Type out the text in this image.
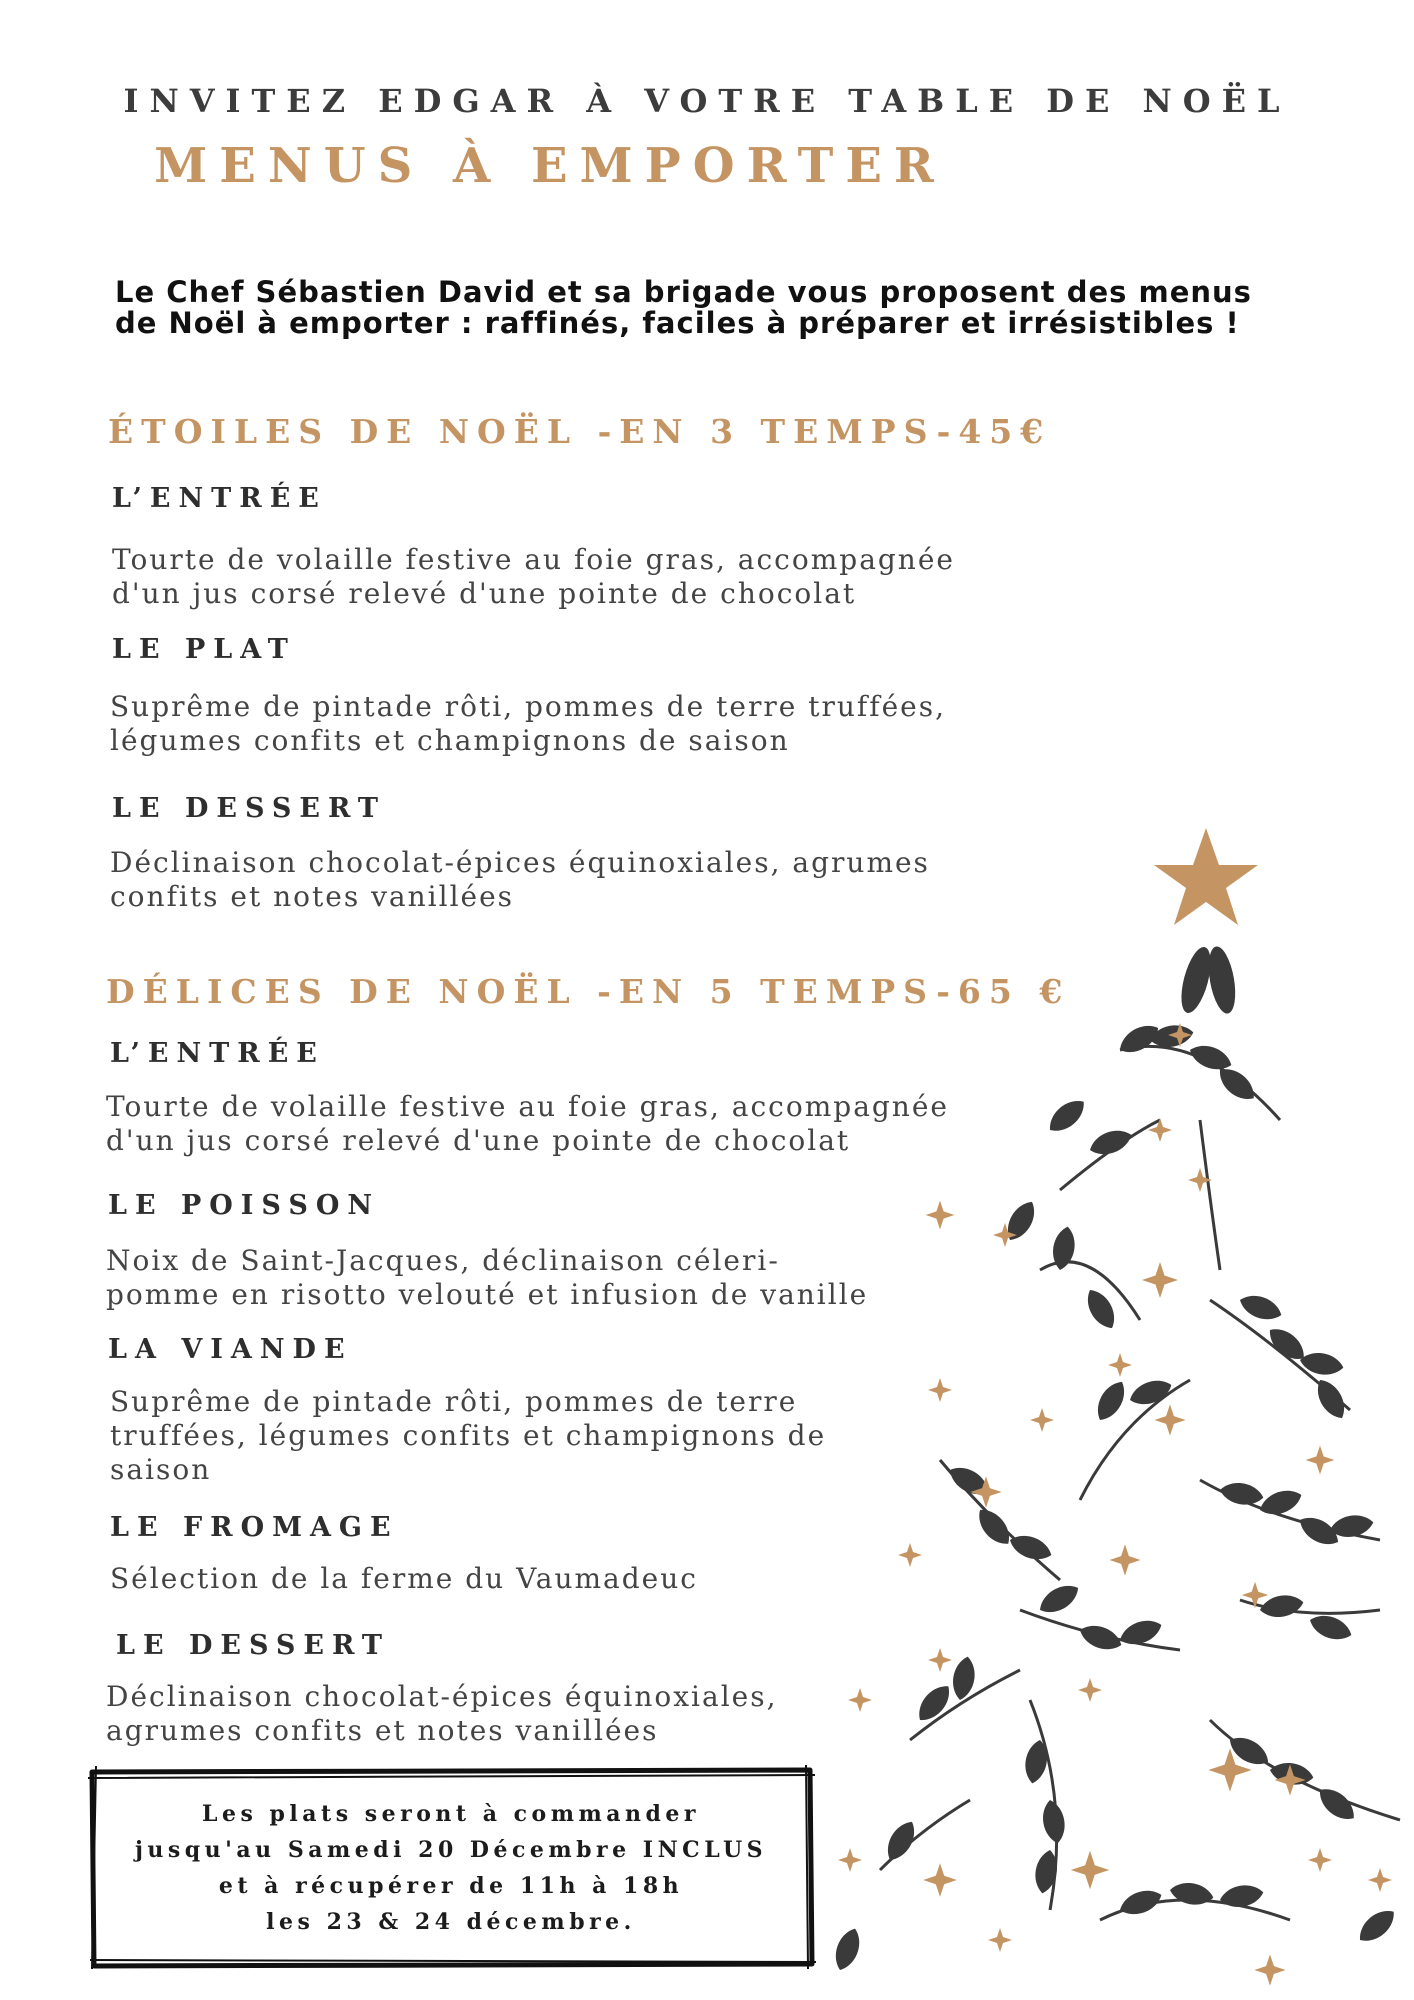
INVITEZ EDGAR À VOTRE TABLE DE NOËL
MENUS À EMPORTER
Le Chef Sébastien David et sa brigade vous proposent des menus
de Noël à emporter : raffinés, faciles à préparer et irrésistibles !
ÉTOILES DE NOËL -EN 3 TEMPS-45€
L’ENTRÉE
Tourte de volaille festive au foie gras, accompagnée
d'un jus corsé relevé d'une pointe de chocolat
LE PLAT
Suprême de pintade rôti, pommes de terre truffées,
légumes confits et champignons de saison
LE DESSERT
Déclinaison chocolat-épices équinoxiales, agrumes
confits et notes vanillées
DÉLICES DE NOËL -EN 5 TEMPS-65 €
L’ENTRÉE
Tourte de volaille festive au foie gras, accompagnée
d'un jus corsé relevé d'une pointe de chocolat
LE POISSON
Noix de Saint-Jacques, déclinaison céleri-
pomme en risotto velouté et infusion de vanille
LA VIANDE
Suprême de pintade rôti, pommes de terre
truffées, légumes confits et champignons de
saison
LE FROMAGE
Sélection de la ferme du Vaumadeuc
LE DESSERT
Déclinaison chocolat-épices équinoxiales,
agrumes confits et notes vanillées
Les plats seront à commander
jusqu'au Samedi 20 Décembre INCLUS
et à récupérer de 11h à 18h
les 23 & 24 décembre.
